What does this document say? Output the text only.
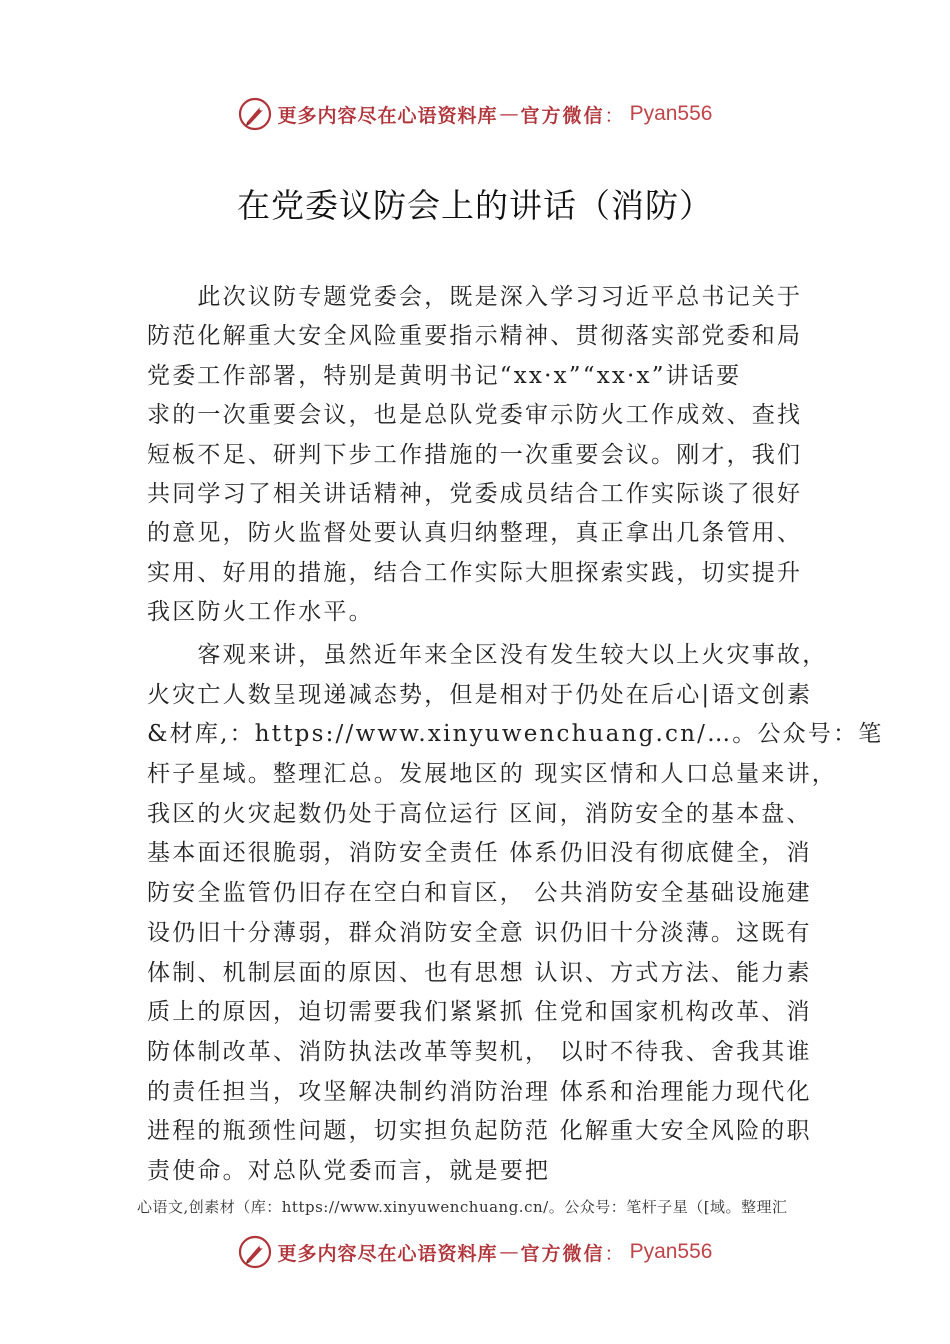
更多内容尽在心语资料库 — 官方微信 ： Pyan556
在党委议防会上的讲话（消防）
　　此次议防专题党委会，既是深入学习习近平总书记关于
防范化解重大安全风险重要指示精神、贯彻落实部党委和局
党委工作部署，特别是黄明书记“xx·x”“xx·x”讲话要
求的一次重要会议，也是总队党委审示防火工作成效、查找
短板不足、研判下步工作措施的一次重要会议。刚才，我们
共同学习了相关讲话精神，党委成员结合工作实际谈了很好
的意见，防火监督处要认真归纳整理，真正拿出几条管用、
实用、好用的措施，结合工作实际大胆探索实践，切实提升
我区防火工作水平。
　　客观来讲，虽然近年来全区没有发生较大以上火灾事故，
火灾亡人数呈现递减态势，但是相对于仍处在后心|语文创素
&材库,：https://www.xinyuwenchuang.cn/…。公众号：笔
杆子星域。整理汇总。发展地区的 现实区情和人口总量来讲，
我区的火灾起数仍处于高位运行 区间，消防安全的基本盘、
基本面还很脆弱，消防安全责任 体系仍旧没有彻底健全，消
防安全监管仍旧存在空白和盲区， 公共消防安全基础设施建
设仍旧十分薄弱，群众消防安全意 识仍旧十分淡薄。这既有
体制、机制层面的原因、也有思想 认识、方式方法、能力素
质上的原因，迫切需要我们紧紧抓 住党和国家机构改革、消
防体制改革、消防执法改革等契机， 以时不待我、舍我其谁
的责任担当，攻坚解决制约消防治理 体系和治理能力现代化
进程的瓶颈性问题，切实担负起防范 化解重大安全风险的职
责使命。对总队党委而言，就是要把
心语文,创素材（库：https://www.xinyuwenchuang.cn/。公众号：笔杆子星（[域。整理汇
更多内容尽在心语资料库 — 官方微信 ： Pyan556
